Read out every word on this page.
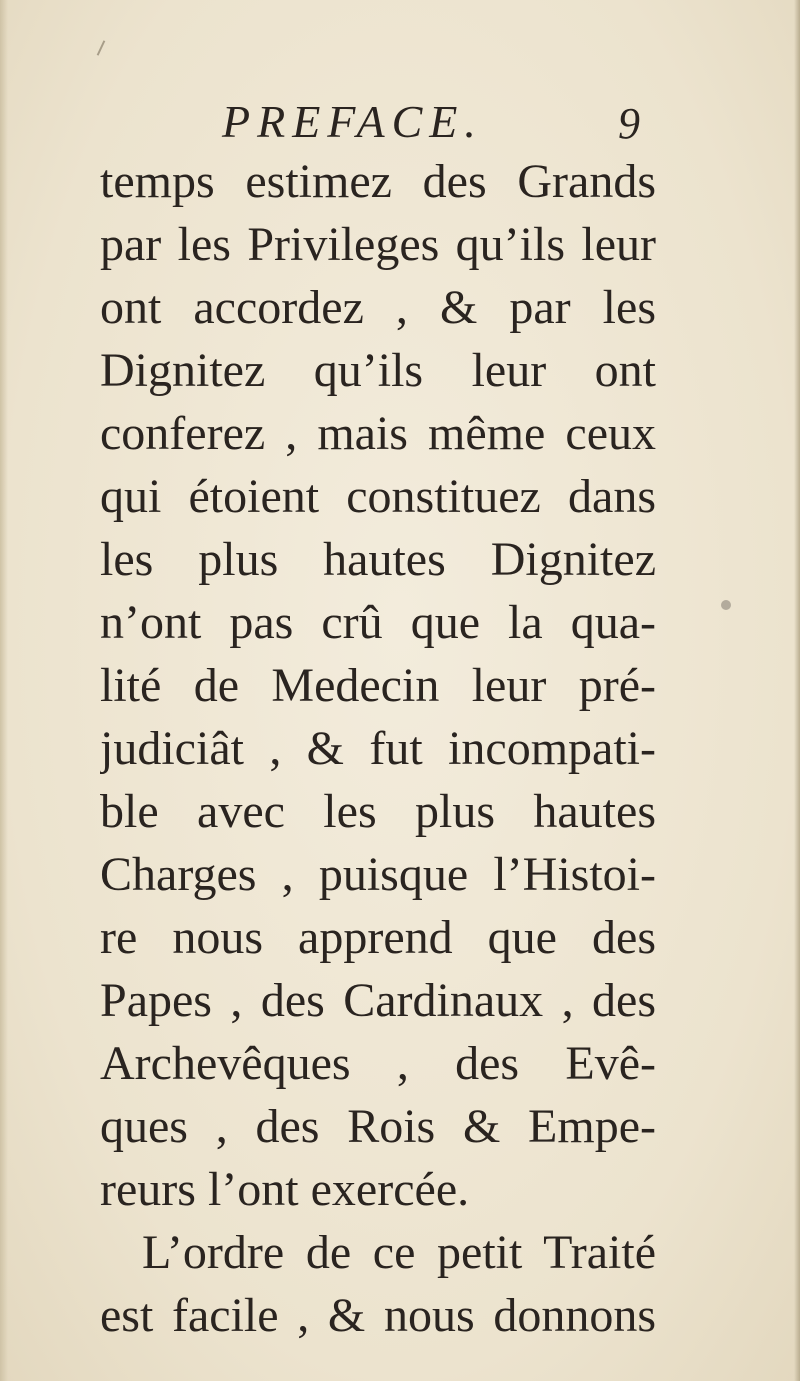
PREFACE.	9
temps estimez des Grands
par les Privileges qu’ils leur
ont accordez , & par les
Dignitez qu’ils leur ont
conferez , mais même ceux
qui étoient constituez dans
les plus hautes Dignitez
n’ont pas crû que la qua-
lité de Medecin leur pré-
judiciât , & fut incompati-
ble avec les plus hautes
Charges , puisque l’Histoi-
re nous apprend que des
Papes , des Cardinaux , des
Archevêques , des Evê-
ques , des Rois & Empe-
reurs l’ont exercée.
L’ordre de ce petit Traité
est facile , & nous donnons
